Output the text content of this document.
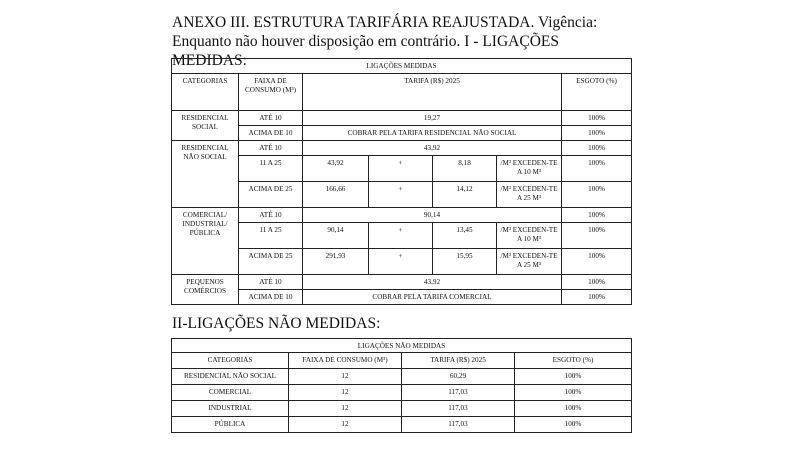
ANEXO III. ESTRUTURA TARIFÁRIA REAJUSTADA. Vigência: Enquanto não houver disposição em contrário. I - LIGAÇÕES MEDIDAS:	LIGAÇÕES MEDIDAS						
CATEGORIAS	FAIXA DE CONSUMO (M³)	TARIFA (R$) 2025				ESGOTO (%)
RESIDENCIAL SOCIAL	ATÉ 10	19,27				100%
	ACIMA DE 10	COBRAR PELA TARIFA RESIDENCIAL NÃO SOCIAL				100%
RESIDENCIAL NÃO SOCIAL	ATÉ 10	43,92				100%
	11 A 25	43,92	+	8,18	/M³ EXCEDEN-TE A 10 M³	100%
	ACIMA DE 25	166,66	+	14,12	/M³ EXCEDEN-TE A 25 M³	100%
COMERCIAL/ INDUSTRIAL/ PÚBLICA	ATÉ 10	90,14				100%
	11 A 25	90,14	+	13,45	/M³ EXCEDEN-TE A 10 M³	100%
	ACIMA DE 25	291,93	+	15,95	/M³ EXCEDEN-TE A 25 M³	100%
PEQUENOS COMÉRCIOS	ATÉ 10	43,92				100%
	ACIMA DE 10	COBRAR PELA TARIFA COMERCIAL				100%
II-LIGAÇÕES NÃO MEDIDAS:
LIGAÇÕES NÃO MEDIDAS			
CATEGORIAS	FAIXA DE CONSUMO (M³)	TARIFA (R$) 2025	ESGOTO (%)
RESIDENCIAL NÃO SOCIAL	12	60,29	100%
COMERCIAL	12	117,03	100%
INDUSTRIAL	12	117,03	100%
PÚBLICA	12	117,03	100%
